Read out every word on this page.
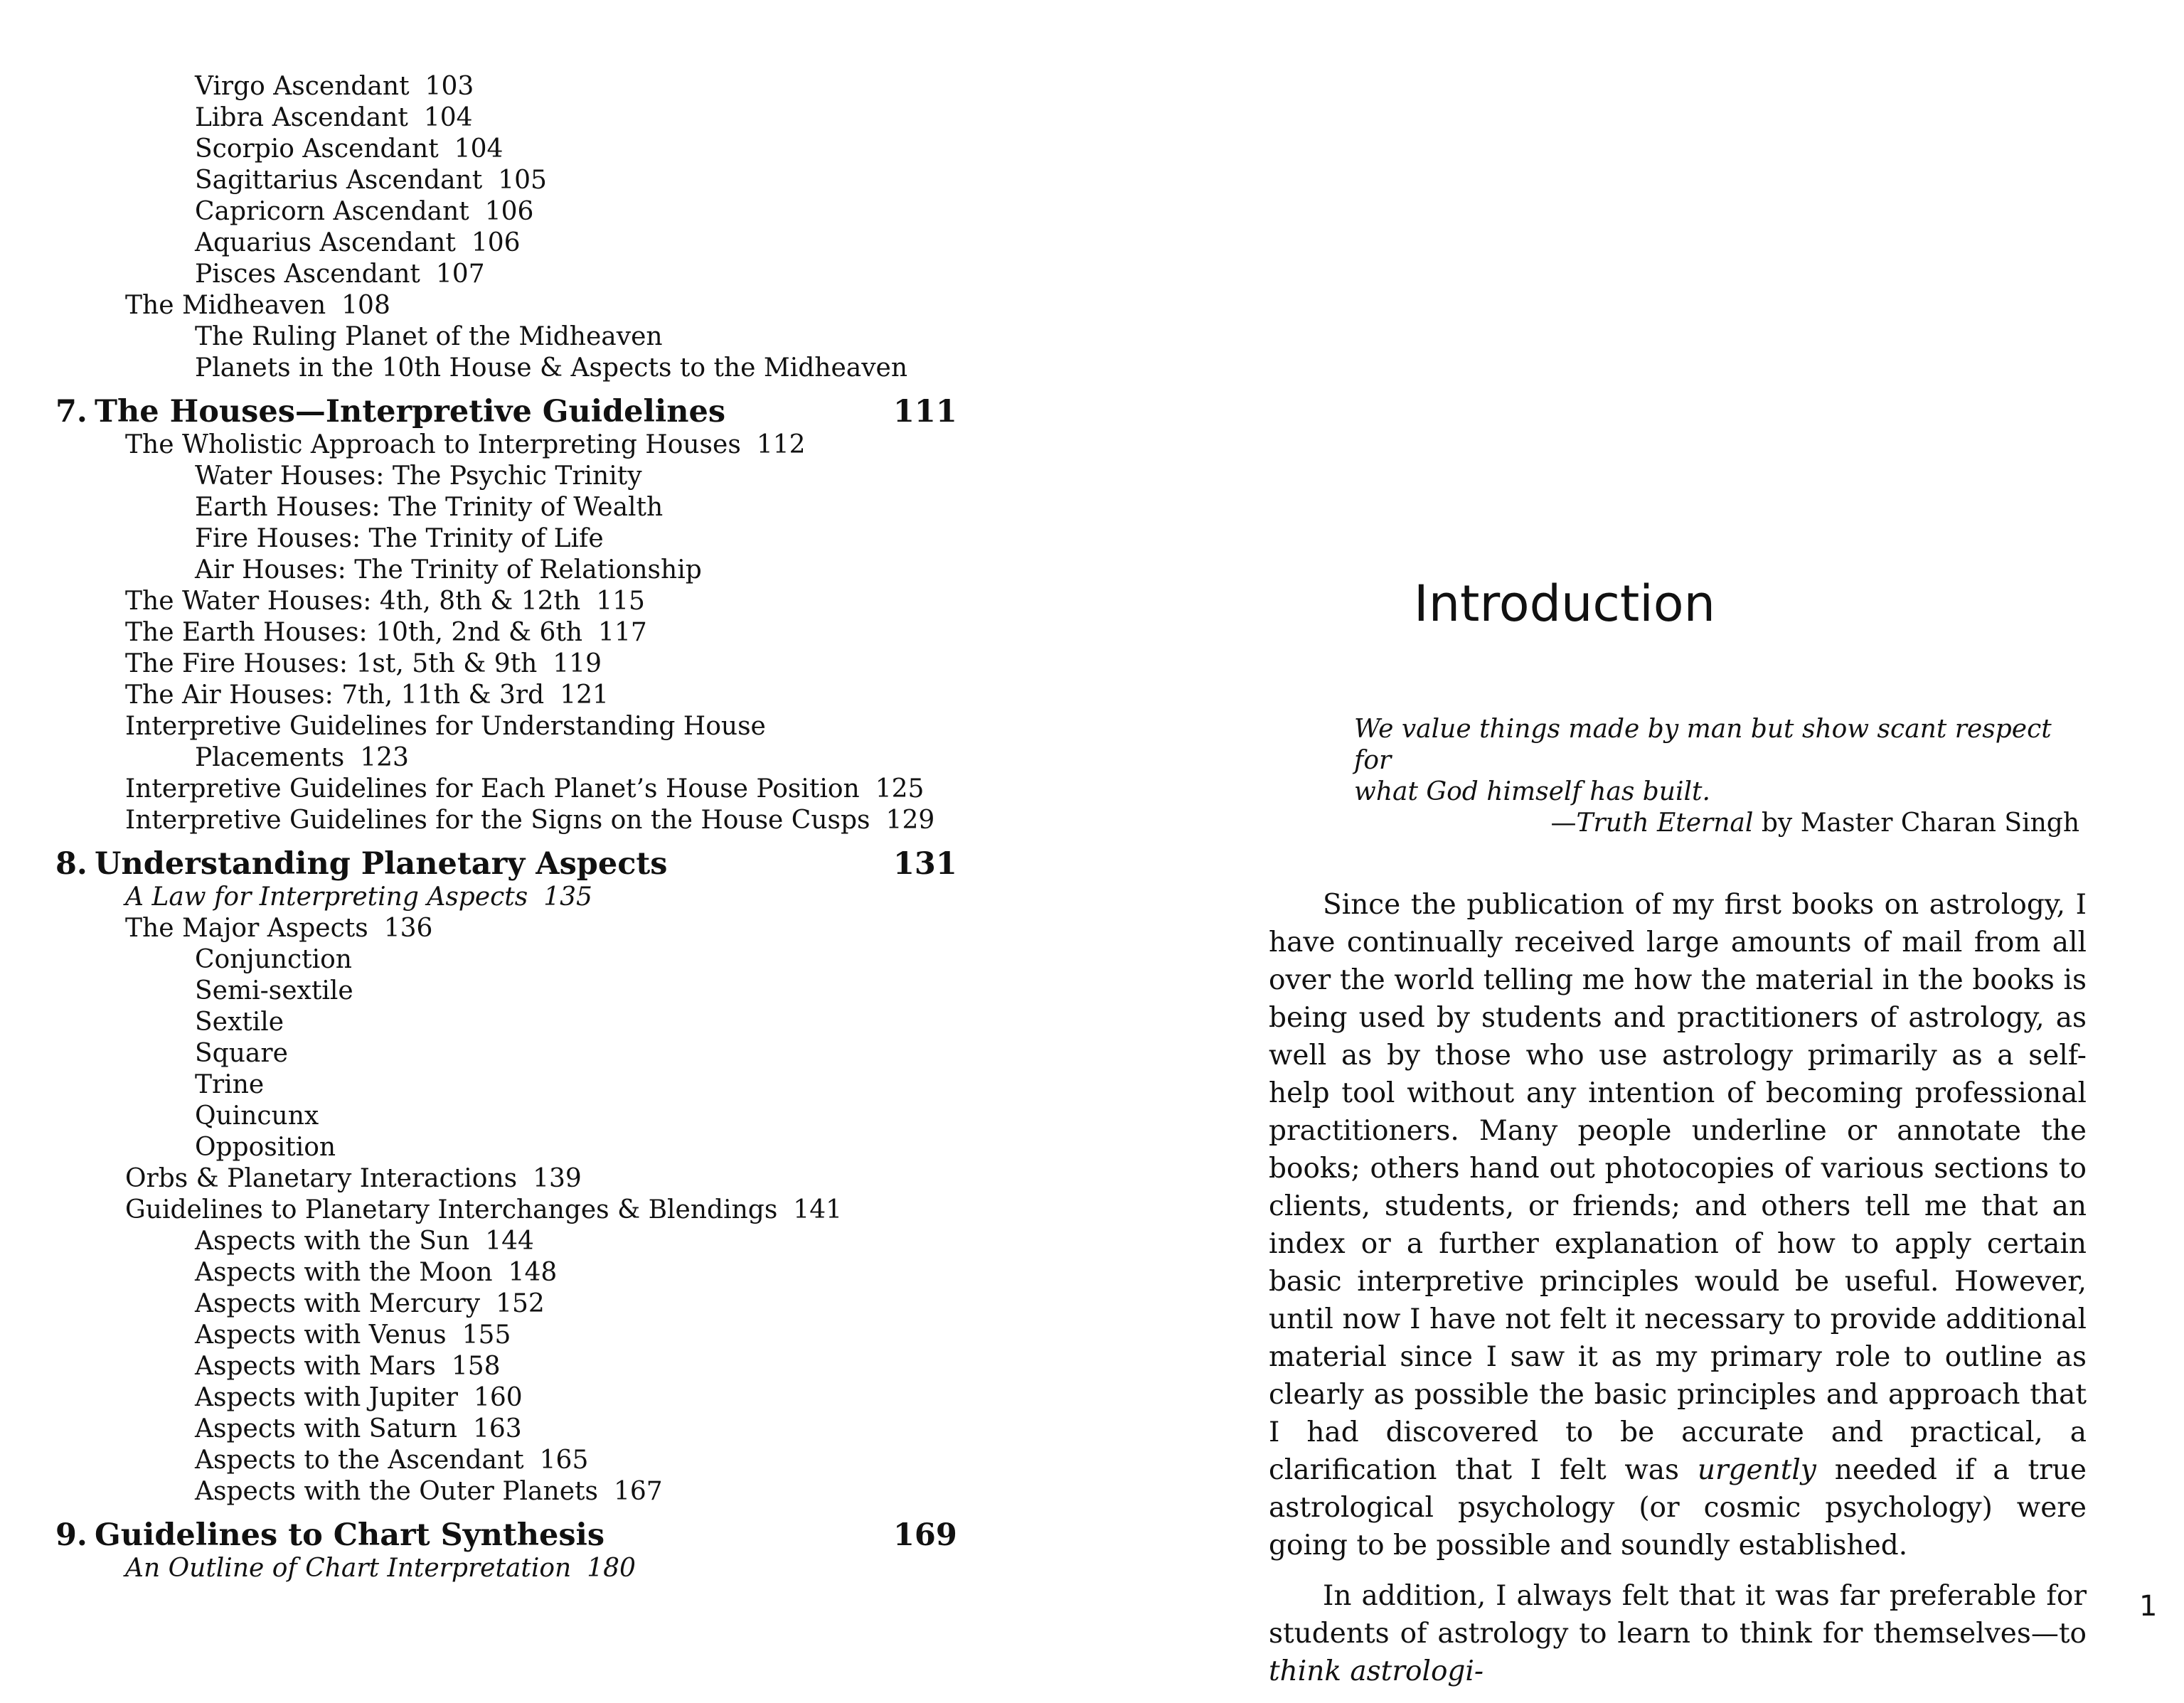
Virgo Ascendant 103
Libra Ascendant 104
Scorpio Ascendant 104
Sagittarius Ascendant 105
Capricorn Ascendant 106
Aquarius Ascendant 106
Pisces Ascendant 107
The Midheaven 108
The Ruling Planet of the Midheaven
Planets in the 10th House & Aspects to the Midheaven
7. The Houses—Interpretive Guidelines	111
The Wholistic Approach to Interpreting Houses 112
Water Houses: The Psychic Trinity
Earth Houses: The Trinity of Wealth
Fire Houses: The Trinity of Life
Air Houses: The Trinity of Relationship
The Water Houses: 4th, 8th & 12th 115
The Earth Houses: 10th, 2nd & 6th 117
The Fire Houses: 1st, 5th & 9th 119
The Air Houses: 7th, 11th & 3rd 121
Interpretive Guidelines for Understanding House
Placements 123
Interpretive Guidelines for Each Planet’s House Position 125
Interpretive Guidelines for the Signs on the House Cusps 129
8. Understanding Planetary Aspects	131
A Law for Interpreting Aspects 135
The Major Aspects 136
Conjunction
Semi-sextile
Sextile
Square
Trine
Quincunx
Opposition
Orbs & Planetary Interactions 139
Guidelines to Planetary Interchanges & Blendings 141
Aspects with the Sun 144
Aspects with the Moon 148
Aspects with Mercury 152
Aspects with Venus 155
Aspects with Mars 158
Aspects with Jupiter 160
Aspects with Saturn 163
Aspects to the Ascendant 165
Aspects with the Outer Planets 167
9. Guidelines to Chart Synthesis	169
An Outline of Chart Interpretation 180
Introduction
We value things made by man but show scant respect for
what God himself has built.
—Truth Eternal by Master Charan Singh

Since the publication of my first books on astrology, I have continually received large amounts of mail from all over the world telling me how the material in the books is being used by students and practitioners of astrology, as well as by those who use astrology primarily as a self-help tool without any intention of becoming professional practitioners. Many people underline or annotate the books; others hand out photocopies of various sections to clients, students, or friends; and others tell me that an index or a further explanation of how to apply certain basic interpretive principles would be useful. However, until now I have not felt it necessary to provide additional material since I saw it as my primary role to outline as clearly as possible the basic principles and approach that I had discovered to be accurate and practical, a clarification that I felt was urgently needed if a true astrological psychology (or cosmic psychology) were going to be possible and soundly established.

In addition, I always felt that it was far preferable for students of astrology to learn to think for themselves—to think astrologi-

1
